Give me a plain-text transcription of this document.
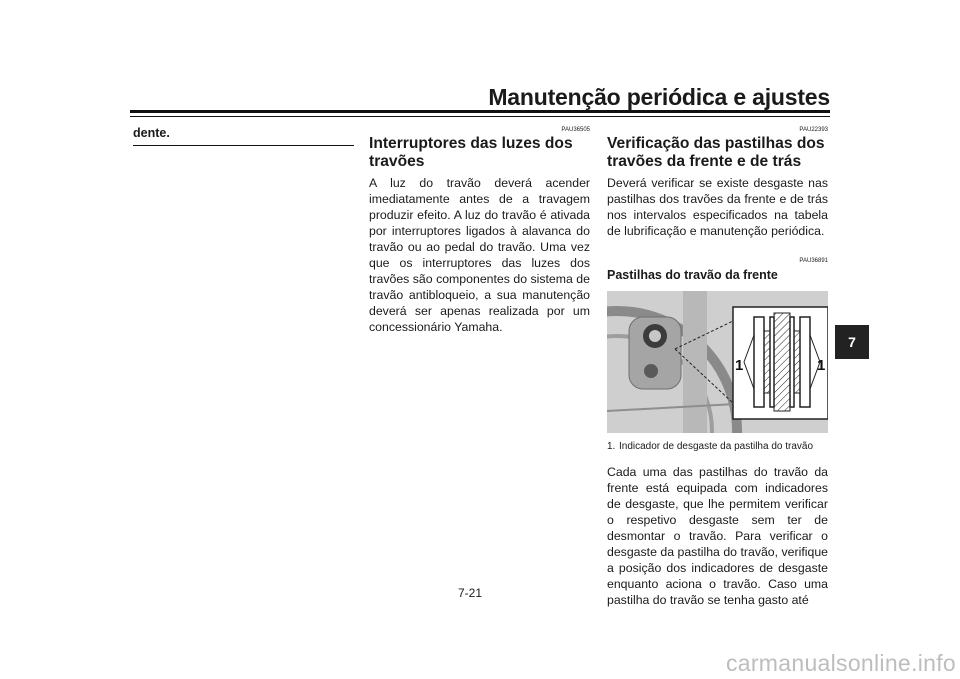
Manutenção periódica e ajustes

dente.	PAU36505

Interruptores das luzes dos travões

A luz do travão deverá acender imediatamente antes de a travagem produzir efeito. A luz do travão é ativada por interruptores ligados à alavanca do travão ou ao pedal do travão. Uma vez que os interruptores das luzes dos travões são componentes do sistema de travão antibloqueio, a sua manutenção deverá ser apenas realizada por um concessionário Yamaha.

PAU22393

Verificação das pastilhas dos travões da frente e de trás

Deverá verificar se existe desgaste nas pastilhas dos travões da frente e de trás nos intervalos especificados na tabela de lubrificação e manutenção periódica.

PAU36891

Pastilhas do travão da frente
1	1
1. Indicador de desgaste da pastilha do travão

Cada uma das pastilhas do travão da frente está equipada com indicadores de desgaste, que lhe permitem verificar o respetivo desgaste sem ter de desmontar o travão. Para verificar o desgaste da pastilha do travão, verifique a posição dos indicadores de desgaste enquanto aciona o travão. Caso uma pastilha do travão se tenha gasto até

7

7-21

carmanualsonline.info
